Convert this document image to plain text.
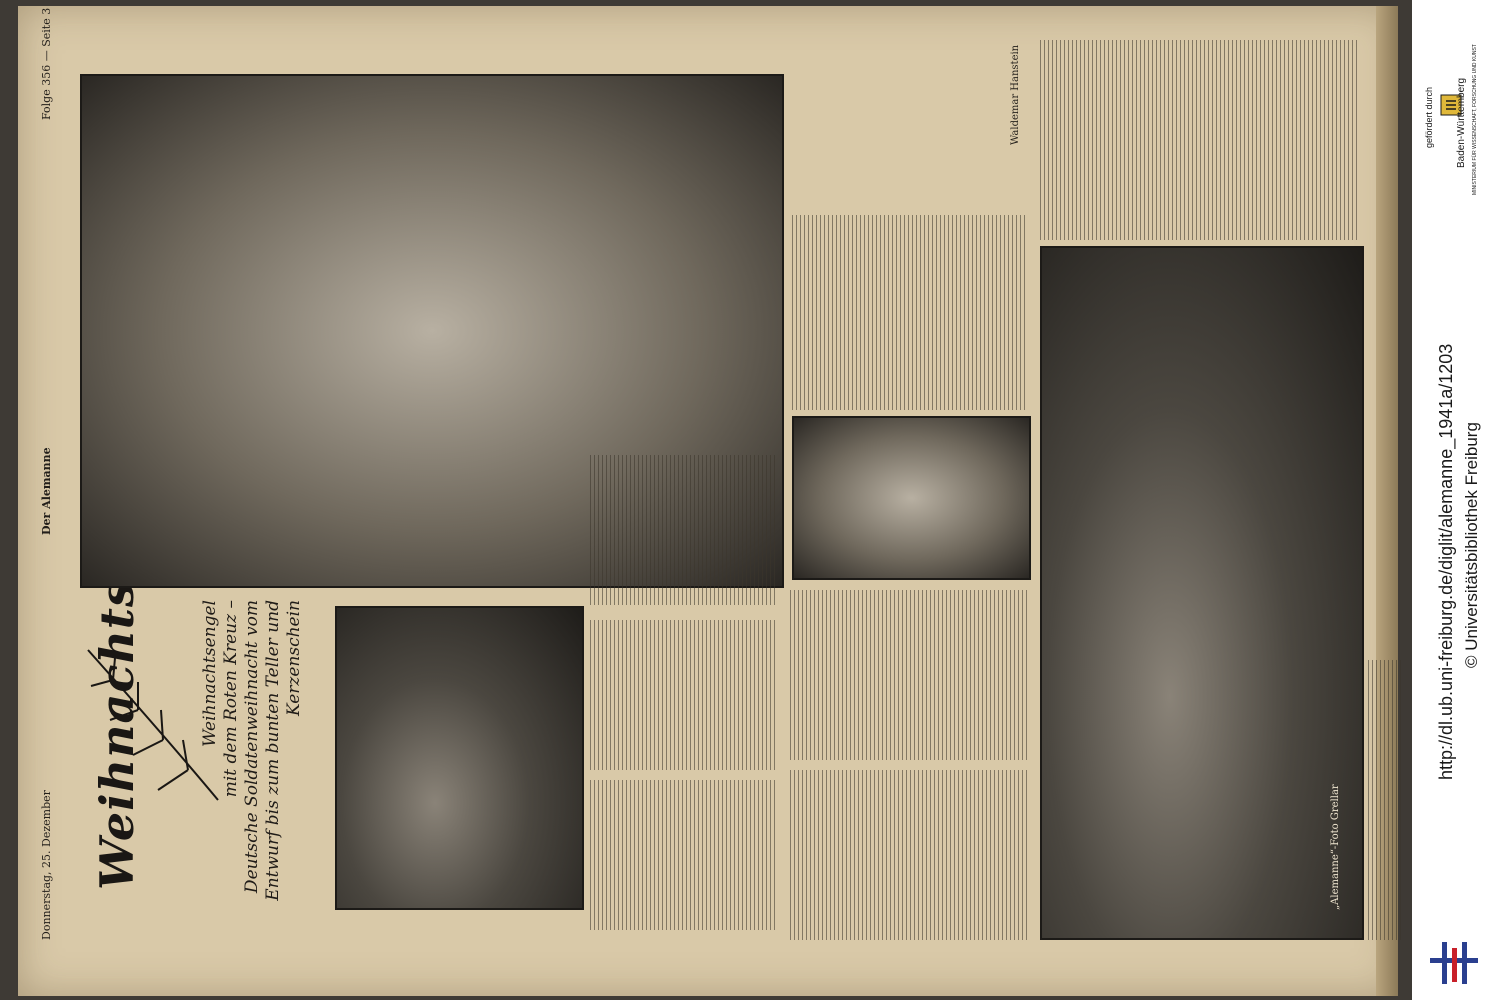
Donnerstag, 25. Dezember
Der Alemanne
Folge 356 — Seite 3
Weihnachtsengel mit dem Roten Kreuz – Deutsche Soldatenweihnacht vom Entwurf bis zum bunten Teller und Kerzenschein
Waldemar Hanstein
„Alemanne“-Foto Grellar
gefördert durch Baden-Württemberg MINISTERIUM FÜR WISSENSCHAFT, FORSCHUNG UND KUNST
http://dl.ub.uni-freiburg.de/diglit/alemanne_1941a/1203 © Universitätsbibliothek Freiburg
